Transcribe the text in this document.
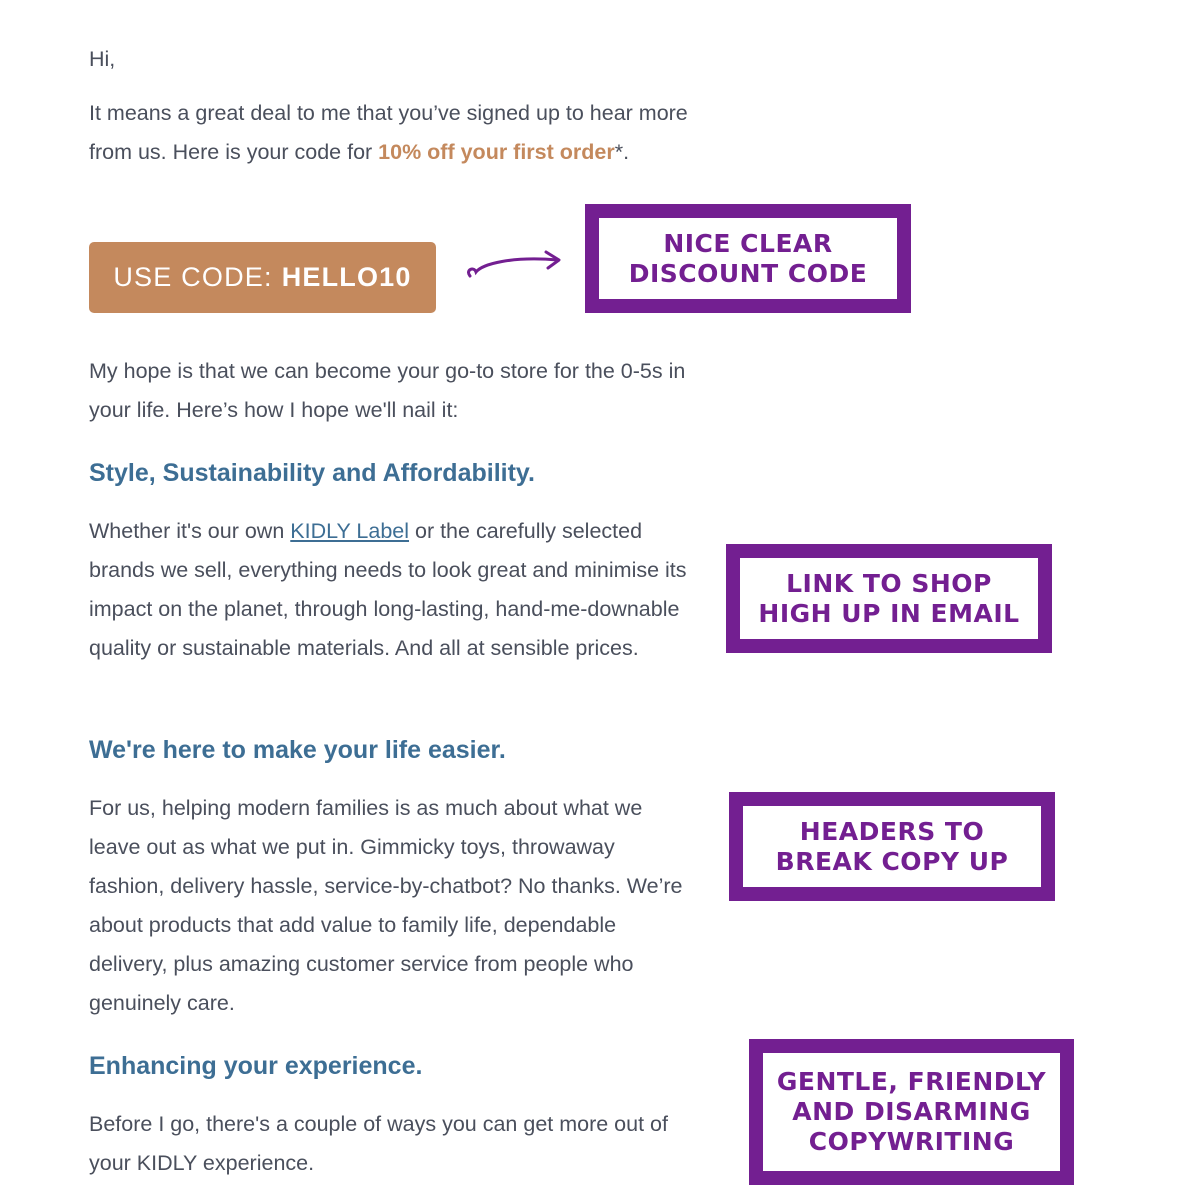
Hi,

It means a great deal to me that you’ve signed up to hear more from us. Here is your code for 10% off your first order*.

USE CODE: HELLO10

My hope is that we can become your go-to store for the 0-5s in your life. Here’s how I hope we'll nail it:

Style, Sustainability and Affordability.

Whether it's our own KIDLY Label or the carefully selected brands we sell, everything needs to look great and minimise its impact on the planet, through long-lasting, hand-me-downable quality or sustainable materials. And all at sensible prices.

We're here to make your life easier.

For us, helping modern families is as much about what we leave out as what we put in. Gimmicky toys, throwaway fashion, delivery hassle, service-by-chatbot? No thanks. We’re about products that add value to family life, dependable delivery, plus amazing customer service from people who genuinely care.

Enhancing your experience.

Before I go, there's a couple of ways you can get more out of your KIDLY experience.

NICE CLEAR
DISCOUNT CODE
LINK TO SHOP
HIGH UP IN EMAIL
HEADERS TO
BREAK COPY UP
GENTLE, FRIENDLY
AND DISARMING
COPYWRITING
